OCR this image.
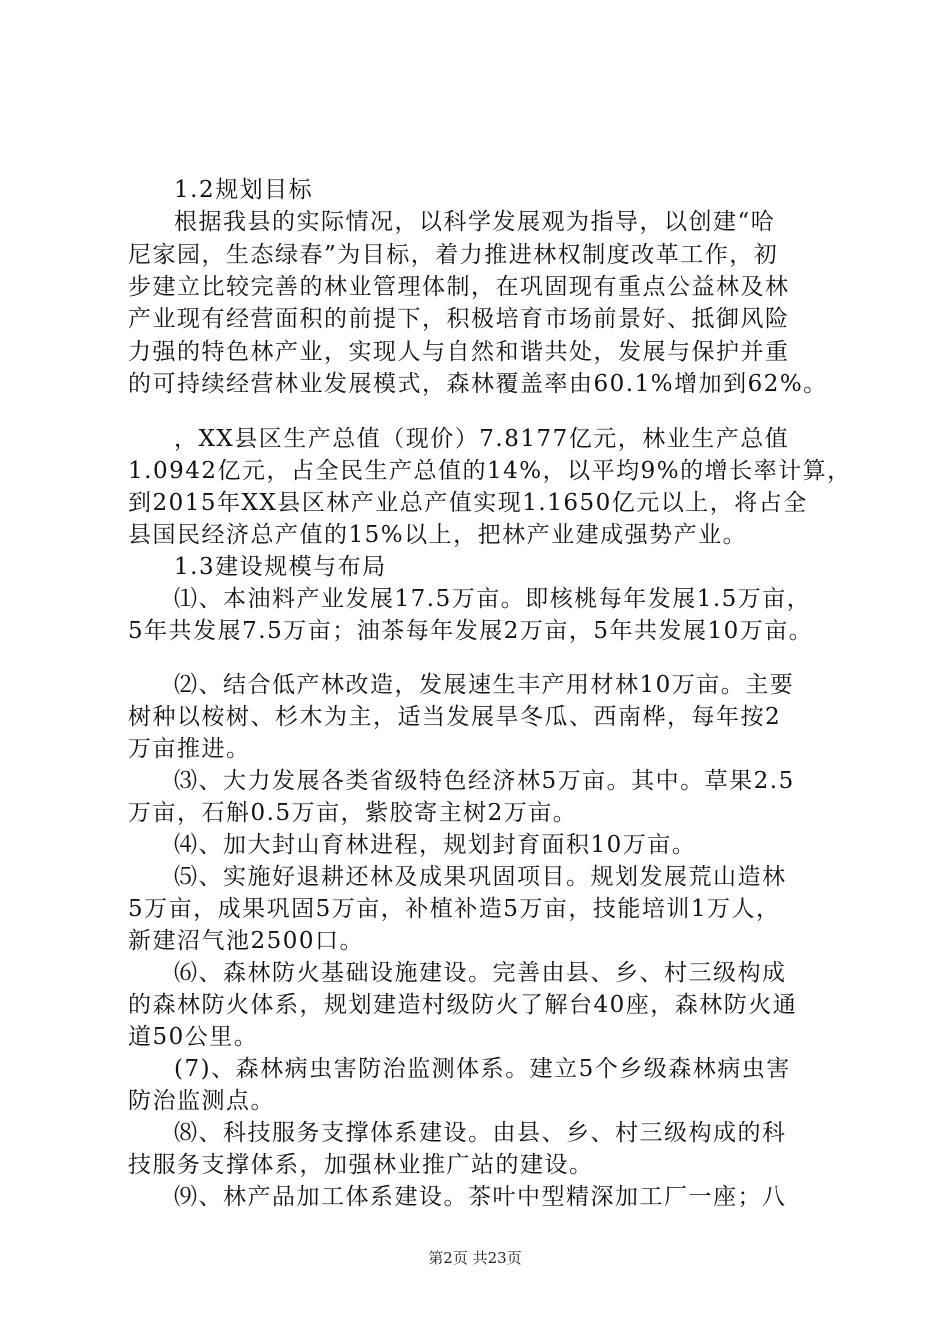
1.2规划目标
根据我县的实际情况，以科学发展观为指导，以创建“哈
尼家园，生态绿春”为目标，着力推进林权制度改革工作，初
步建立比较完善的林业管理体制，在巩固现有重点公益林及林
产业现有经营面积的前提下，积极培育市场前景好、抵御风险
力强的特色林产业，实现人与自然和谐共处，发展与保护并重
的可持续经营林业发展模式，森林覆盖率由60.1%增加到62%。
，XX县区生产总值（现价）7.8177亿元，林业生产总值
1.0942亿元，占全民生产总值的14%，以平均9%的增长率计算，
到2015年XX县区林产业总产值实现1.1650亿元以上，将占全
县国民经济总产值的15%以上，把林产业建成强势产业。
1.3建设规模与布局
⑴、本油料产业发展17.5万亩。即核桃每年发展1.5万亩，
5年共发展7.5万亩；油茶每年发展2万亩，5年共发展10万亩。
⑵、结合低产林改造，发展速生丰产用材林10万亩。主要
树种以桉树、杉木为主，适当发展旱冬瓜、西南桦，每年按2
万亩推进。
⑶、大力发展各类省级特色经济林5万亩。其中。草果2.5
万亩，石斛0.5万亩，紫胶寄主树2万亩。
⑷、加大封山育林进程，规划封育面积10万亩。
⑸、实施好退耕还林及成果巩固项目。规划发展荒山造林
5万亩，成果巩固5万亩，补植补造5万亩，技能培训1万人，
新建沼气池2500口。
⑹、森林防火基础设施建设。完善由县、乡、村三级构成
的森林防火体系，规划建造村级防火了解台40座，森林防火通
道50公里。
(7)、森林病虫害防治监测体系。建立5个乡级森林病虫害
防治监测点。
⑻、科技服务支撑体系建设。由县、乡、村三级构成的科
技服务支撑体系，加强林业推广站的建设。
⑼、林产品加工体系建设。茶叶中型精深加工厂一座；八
第2页 共23页
